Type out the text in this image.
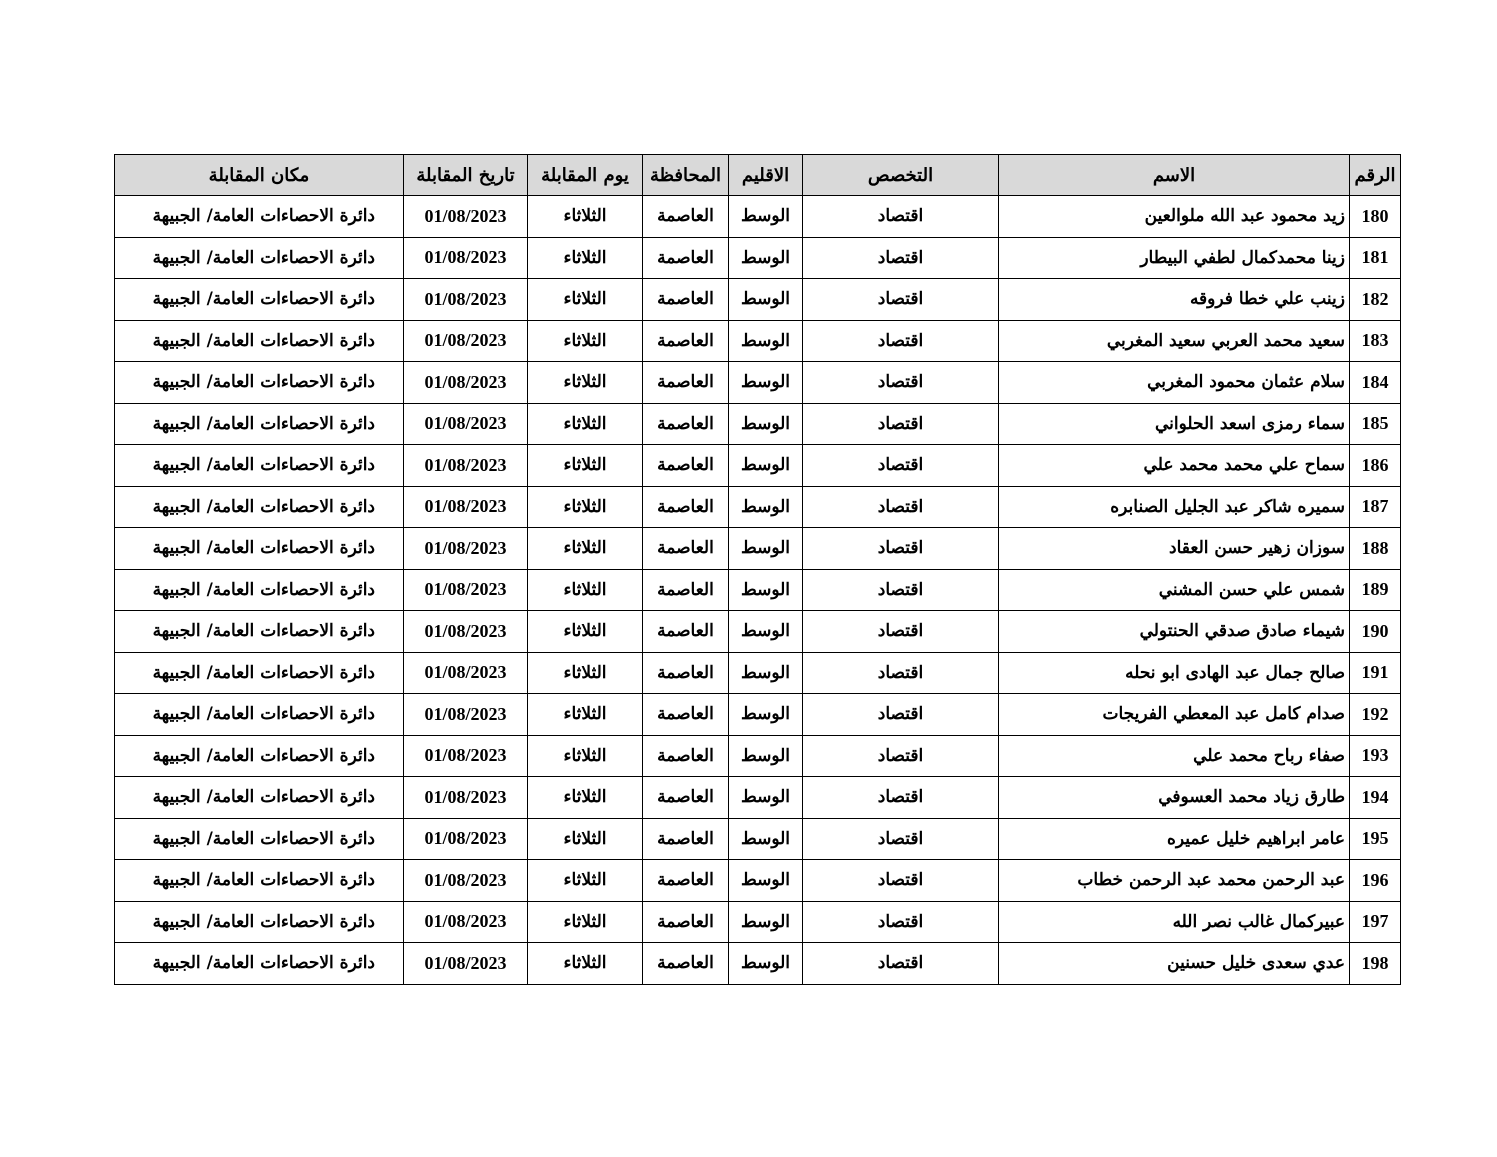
الرقم	الاسم	التخصص	الاقليم	المحافظة	يوم المقابلة	تاريخ المقابلة	مكان المقابلة
180	زيد محمود عبد الله ملوالعين	اقتصاد	الوسط	العاصمة	الثلاثاء	01/08/2023	دائرة الاحصاءات العامة/ الجبيهة
181	زينا محمدكمال لطفي البيطار	اقتصاد	الوسط	العاصمة	الثلاثاء	01/08/2023	دائرة الاحصاءات العامة/ الجبيهة
182	زينب علي خطا فروقه	اقتصاد	الوسط	العاصمة	الثلاثاء	01/08/2023	دائرة الاحصاءات العامة/ الجبيهة
183	سعيد محمد العربي سعيد المغربي	اقتصاد	الوسط	العاصمة	الثلاثاء	01/08/2023	دائرة الاحصاءات العامة/ الجبيهة
184	سلام عثمان محمود المغربي	اقتصاد	الوسط	العاصمة	الثلاثاء	01/08/2023	دائرة الاحصاءات العامة/ الجبيهة
185	سماء رمزى اسعد الحلواني	اقتصاد	الوسط	العاصمة	الثلاثاء	01/08/2023	دائرة الاحصاءات العامة/ الجبيهة
186	سماح علي محمد محمد علي	اقتصاد	الوسط	العاصمة	الثلاثاء	01/08/2023	دائرة الاحصاءات العامة/ الجبيهة
187	سميره شاكر عبد الجليل الصنابره	اقتصاد	الوسط	العاصمة	الثلاثاء	01/08/2023	دائرة الاحصاءات العامة/ الجبيهة
188	سوزان زهير حسن العقاد	اقتصاد	الوسط	العاصمة	الثلاثاء	01/08/2023	دائرة الاحصاءات العامة/ الجبيهة
189	شمس علي حسن المشني	اقتصاد	الوسط	العاصمة	الثلاثاء	01/08/2023	دائرة الاحصاءات العامة/ الجبيهة
190	شيماء صادق صدقي الحنتولي	اقتصاد	الوسط	العاصمة	الثلاثاء	01/08/2023	دائرة الاحصاءات العامة/ الجبيهة
191	صالح جمال عبد الهادى ابو نحله	اقتصاد	الوسط	العاصمة	الثلاثاء	01/08/2023	دائرة الاحصاءات العامة/ الجبيهة
192	صدام كامل عبد المعطي الفريجات	اقتصاد	الوسط	العاصمة	الثلاثاء	01/08/2023	دائرة الاحصاءات العامة/ الجبيهة
193	صفاء رباح محمد علي	اقتصاد	الوسط	العاصمة	الثلاثاء	01/08/2023	دائرة الاحصاءات العامة/ الجبيهة
194	طارق زياد محمد العسوفي	اقتصاد	الوسط	العاصمة	الثلاثاء	01/08/2023	دائرة الاحصاءات العامة/ الجبيهة
195	عامر ابراهيم خليل عميره	اقتصاد	الوسط	العاصمة	الثلاثاء	01/08/2023	دائرة الاحصاءات العامة/ الجبيهة
196	عبد الرحمن محمد عبد الرحمن خطاب	اقتصاد	الوسط	العاصمة	الثلاثاء	01/08/2023	دائرة الاحصاءات العامة/ الجبيهة
197	عبيركمال غالب نصر الله	اقتصاد	الوسط	العاصمة	الثلاثاء	01/08/2023	دائرة الاحصاءات العامة/ الجبيهة
198	عدي سعدى خليل حسنين	اقتصاد	الوسط	العاصمة	الثلاثاء	01/08/2023	دائرة الاحصاءات العامة/ الجبيهة
